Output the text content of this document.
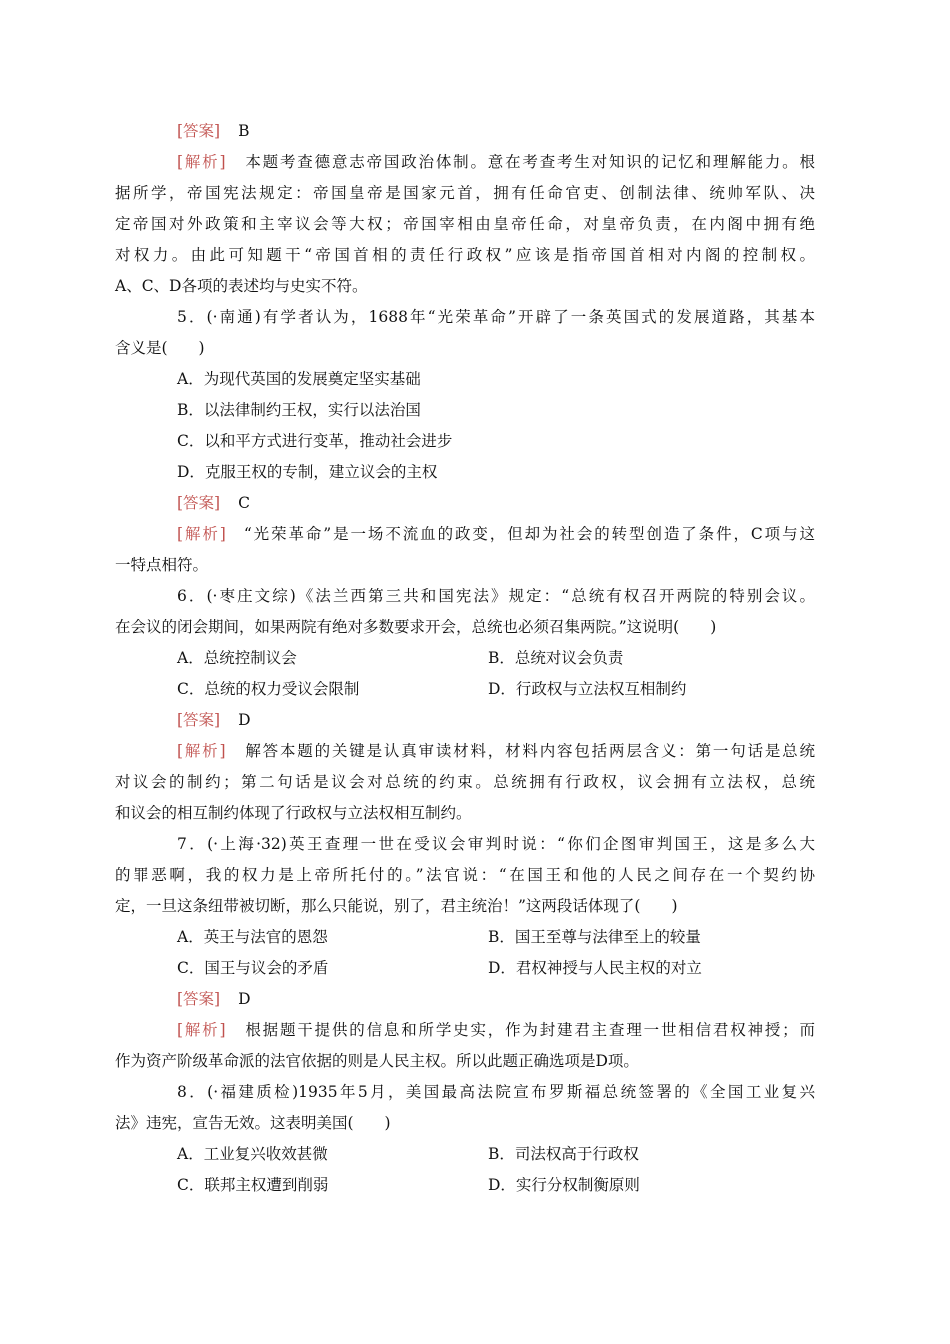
[答案] B
[解析] 本题考查德意志帝国政治体制。意在考查考生对知识的记忆和理解能力。根
据所学，帝国宪法规定：帝国皇帝是国家元首，拥有任命官吏、创制法律、统帅军队、决
定帝国对外政策和主宰议会等大权；帝国宰相由皇帝任命，对皇帝负责，在内阁中拥有绝
对权力。由此可知题干“帝国首相的责任行政权”应该是指帝国首相对内阁的控制权。
A、C、D各项的表述均与史实不符。
5．(·南通)有学者认为，1688年“光荣革命”开辟了一条英国式的发展道路，其基本
含义是(　　)
A．为现代英国的发展奠定坚实基础
B．以法律制约王权，实行以法治国
C．以和平方式进行变革，推动社会进步
D．克服王权的专制，建立议会的主权
[答案] C
[解析] “光荣革命”是一场不流血的政变，但却为社会的转型创造了条件，C项与这
一特点相符。
6．(·枣庄文综)《法兰西第三共和国宪法》规定：“总统有权召开两院的特别会议。
在会议的闭会期间，如果两院有绝对多数要求开会，总统也必须召集两院。”这说明(　　)
A．总统控制议会	B．总统对议会负责
C．总统的权力受议会限制	D．行政权与立法权互相制约
[答案] D
[解析] 解答本题的关键是认真审读材料，材料内容包括两层含义：第一句话是总统
对议会的制约；第二句话是议会对总统的约束。总统拥有行政权，议会拥有立法权，总统
和议会的相互制约体现了行政权与立法权相互制约。
7．(·上海·32)英王查理一世在受议会审判时说：“你们企图审判国王，这是多么大
的罪恶啊，我的权力是上帝所托付的。”法官说：“在国王和他的人民之间存在一个契约协
定，一旦这条纽带被切断，那么只能说，别了，君主统治！”这两段话体现了(　　)
A．英王与法官的恩怨	B．国王至尊与法律至上的较量
C．国王与议会的矛盾	D．君权神授与人民主权的对立
[答案] D
[解析] 根据题干提供的信息和所学史实，作为封建君主查理一世相信君权神授；而
作为资产阶级革命派的法官依据的则是人民主权。所以此题正确选项是D项。
8．(·福建质检)1935年5月，美国最高法院宣布罗斯福总统签署的《全国工业复兴
法》违宪，宣告无效。这表明美国(　　)
A．工业复兴收效甚微	B．司法权高于行政权
C．联邦主权遭到削弱	D．实行分权制衡原则
